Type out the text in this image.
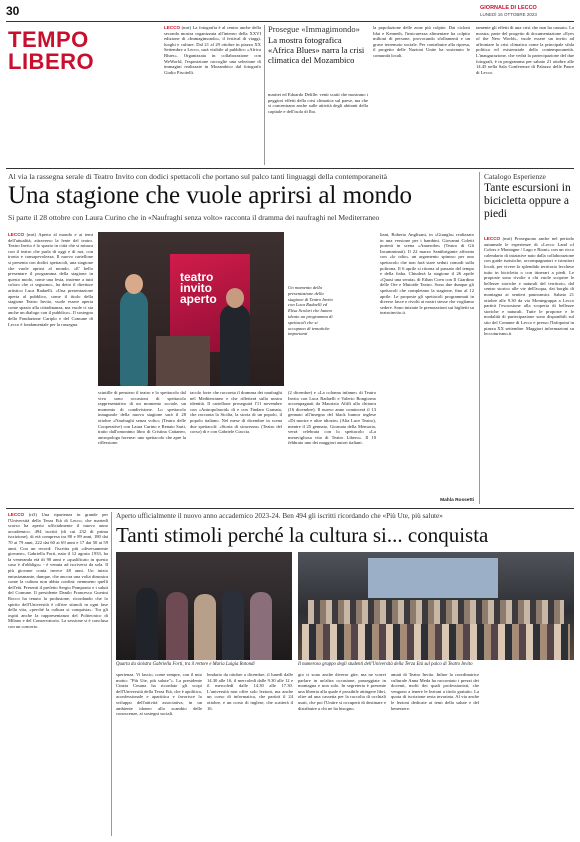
30	GIORNALE DI LECCO
LUNEDÌ 16 OTTOBRE 2023
TEMPO
LIBERO
LECCO (mrt) La fotografia è al centro anche della seconda mostra organizzata all'interno della XXVI edizione di «Immagimondo», il festival di viaggi, luoghi e culture. Dal 21 al 29 ottobre in piazza XX Settembre a Lecco, sarà visibile al pubblico «Africa Blues». Organizzata in collaborazione con WeWorld, l'esposizione raccoglie una selezione di immagini realizzate in Mozambico dal fotografo Giulio Piscitelli.
Prosegue «Immagimondo»
La mostra fotografica «Africa Blues» narra la crisi climatica del Mozambico
martiei ed Edoardo Delille: venti scatti che mostrano i peggiori effetti della crisi climatica sul paese, ma che si concentrano anche sulle attività degli abitanti della capitale e dell'isola di Ibo.
la popolazione delle zone più colpite. Dai cicloni Idai e Kenneth, l'insicurezza alimentare ha colpito milioni di persone, provocando sfollamenti e un grave terremoto sociale. Per contribuire alla ripresa, il progetto delle Nazioni Unite ha sostenuto le comunità locali.
tamente gli effetti di una crisi che non ha causato. La mostra, parte del progetto di documentazione «Eyes of the New World», vuole essere un invito ad affrontare la crisi climatica come la principale sfida politica ed esistenziale della contemporaneità. L'inaugurazione, che vedrà la partecipazione del due fotografi, è in programma per sabato 21 ottobre alle 14.45 nella Sala Conferenze di Palazzo delle Paure di Lecco.
Al via la rassegna serale di Teatro Invito con dodici spettacoli che portano sul palco tanti linguaggi della contemporaneità
Una stagione che vuole aprirsi al mondo
Si parte il 28 ottobre con Laura Curino che in «Naufraghi senza volto» racconta il dramma dei naufraghi nel Mediterraneo
LECCO (mrt) Aperto al mondo e ai temi dell'attualità, attraverso la lente del teatro. Teatro Invito è lo spazio in città che si misura con il teatro che parla di oggi e di noi, con ironia e consapevolezza. Il nuovo cartellone si presenta con dodici spettacoli, una stagione che vuole aprirsi al mondo. «E' bello presentare il programma della stagione in questo modo, come una festa, insieme a tutti coloro che ci seguono», ha detto il direttore artistico Luca Radaelli. «Una presentazione aperta al pubblico, come il titolo della stagione Teatro Invito, vuole essere aperta come spazio alla cittadinanza, ma vuole ci sia anche un dialogo con il pubblico». Il sostegno della Fondazione Cariplo e del Comune di Lecco è fondamentale per la rassegna.
teatro invito aperto
Un momento della presentazione della stagione di Teatro Invito con Luca Radaelli ed Elisa Scolari che hanno ideato un programma di spettacoli che si occupano di tematiche importanti
scintille di pensiero il teatro e lo spettacolo dal vivo sono occasioni di spettacolo rappresentativo di un momento sociale, un momento di condivisione. Lo spettacolo inaugurale della nuova stagione sarà il 28 ottobre «Naufraghi senza volto» (Teatro delle Cooperative) con Laura Curino e Renato Sarti, tratto dall'omonimo libro di Cristina Cattaneo, antropologa forense: uno spettacolo che apre la riflessione.
tacolo forte che racconta il dramma dei naufraghi nel Mediterraneo e che rifletterà sulla nostra identità. Il cartellone proseguirà l'11 novembre con «Antropolaroid» di e con Tindaro Granata, che racconta la Sicilia, la storia di un popolo, il popolo italiano. Nel mese di dicembre in scena due spettacoli: «Storia di sicurezza» (Teatro del corso) di e con Gabriele Ciaccia.
(2 dicembre) e «La colonna infame» di Teatro Invito con Luca Radaelli e Valerio Bongiorno accompagnati da Maurizio Aliffi alla chitarra (16 dicembre). Il nuovo anno comincerà il 13 gennaio all'insegna del black humor inglese «Di morire e altre idiozie» (Alta Luce Teatro), mentre il 25 gennaio, Giornata della Memoria, verrà celebrata con lo spettacolo «La meravigliosa vita di Teatro Libero». Il 10 febbraio uno dei maggiori autori italiani.
liani, Roberto Anglisani, in «Giungla» realizzato in una versione per i bambini. Giovanni Coletti porterà in scena «Anaerobe» (Teatro di Gli Incamminati). Il 22 marzo Santibrigante affronta con «lo odio» un argomento spinoso per uno spettacolo che non farà stare seduti comodi sulla poltrona. Il 6 aprile si ritorna al passato del tempo e della fiaba. Chiuderà la stagione il 26 aprile «Quasi una serata» di Ethan Coen con Il Giardino delle Ore e Mutoide Teatro. Sono due dunque gli spettacoli che completano la stagione, fino al 12 aprile. Le proposte gli spettacoli programmati in diverse fasce e rivolti ai nostri stesse che vogliamo sedere. Sono iniziate le prenotazioni sui biglietti su teatroinvito.it.
Mahla Rossetti
Catalogo Esperienze
Tante escursioni in bicicletta oppure a piedi
LECCO (mrt) Proseguono anche nel periodo autunnale le esperienze di «Lecco Land of Colors e Montagne / Lago e Rioni» con un ricco calendario di iniziative nato dalla collaborazione con guide turistiche, accompagnatori e istruttori locali, per vivere lo splendido territorio lecchese tutto in bicicletta o con itinerari a piedi. Le proposte sono rivolte a chi vuole scoprire le bellezze storiche e naturali del territorio, dal centro storico alle vie dell'acqua, dai borghi di montagna ai sentieri panoramici. Sabato 21 ottobre alle 9.30 da via Montegrappa a Lecco partirà l'escursione alla scoperta di bellezze storiche e naturali. Tutte le proposte e le modalità di partecipazione sono disponibili sul sito del Comune di Lecco e presso l'Infopoint in piazza XX settembre. Maggiori informazioni su leccoturismo.it
LECCO (rt3) Una ripartenza in grande per l'Università della Terza Età di Lecco, che martedì scorso ha aperto ufficialmente il nuovo anno accademico. 494 iscritti (di cui 232 di prima iscrizione), di età compresa tra 80 e 89 anni, 180 dai 70 ai 79 anni, 222 dai 60 ai 69 anni e 17 dai 50 ai 59 anni. Con un record: l'iscritta più «diversamente giovane», Gabriella Forti, nata il 12 agosto 1933, ha la veneranda età di 90 anni e «qualificato in questo caso è d'obbligo» - è venuta ad iscriversi da sola. Il più giovane conta invece 48 anni. Un inizio entusiasmante, dunque, che ancora una volta dimostra come la cultura non abbia confini: nemmeno quelli dell'età. Presenti il prefetto Sergio Pomponio e i saluti del Comune. Il presidente Danilo Francesco Guerini Rocco ha tenuto la prolusione, ricordando che lo spirito dell'Università è offrire stimoli in ogni fase della vita, «perché la cultura si conquista». Tra gli ospiti anche la rappresentanza del Politecnico di Milano e del Conservatorio. La sessione si è conclusa con un concerto.
Aperto ufficialmente il nuovo anno accademico 2023-24. Ben 494 gli iscritti ricordando che «Più Ute, più salute»
Tanti stimoli perché la cultura si... conquista
Quarta da sinistra Gabriella Forti, tra il rettore e Maria Luigia Rotondi	Il numeroso gruppo degli studenti dell'Università della Terza Età sul palco di Teatro Invito
sperienza. Vi lascio, come sempre, con il mio motto: "Più Ute, più salute"». La presidente Cinzia Cesana ha ricordato gli scopi dell'Università della Terza Età, che è apolitica, aconfessionale e apartitica e favorisce lo sviluppo dell'attività associativa, in un ambiente idoneo allo scambio delle conoscenze, ai sostegni sociali.
lendario da ottobre a dicembre, il lunedì dalle 14.30 alle 16, il mercoledì dalle 9.30 alle 12 e il mercoledì dalle 14.30 alle 17.30. L'università non offre solo lezioni, ma anche un corso di informatica, che partirà il 24 ottobre, e un corso di inglese, che scatterà il 16.
gio ci sono anche diverse gite, ma ne vorrei parlare in un'altra occasione, passeggiate in montagna e non solo. In segreteria è presente una libreria alla quale è possibile attingere libri, oltre ad una cassetta per la raccolta di occhiali usati, che poi l'Unitre si occuperà di destinare e distribuire a chi ne ha bisogno.
amati di Teatro Invito. Infine la coordinatrice culturale Anna Meda ha raccontato i prezzi dei docenti, molti dei quali professionisti, che vengono a tenere le lezioni a titolo gratuito. La quota di iscrizione resta invariata. Al via anche le lezioni dedicate ai temi della salute e del benessere.
